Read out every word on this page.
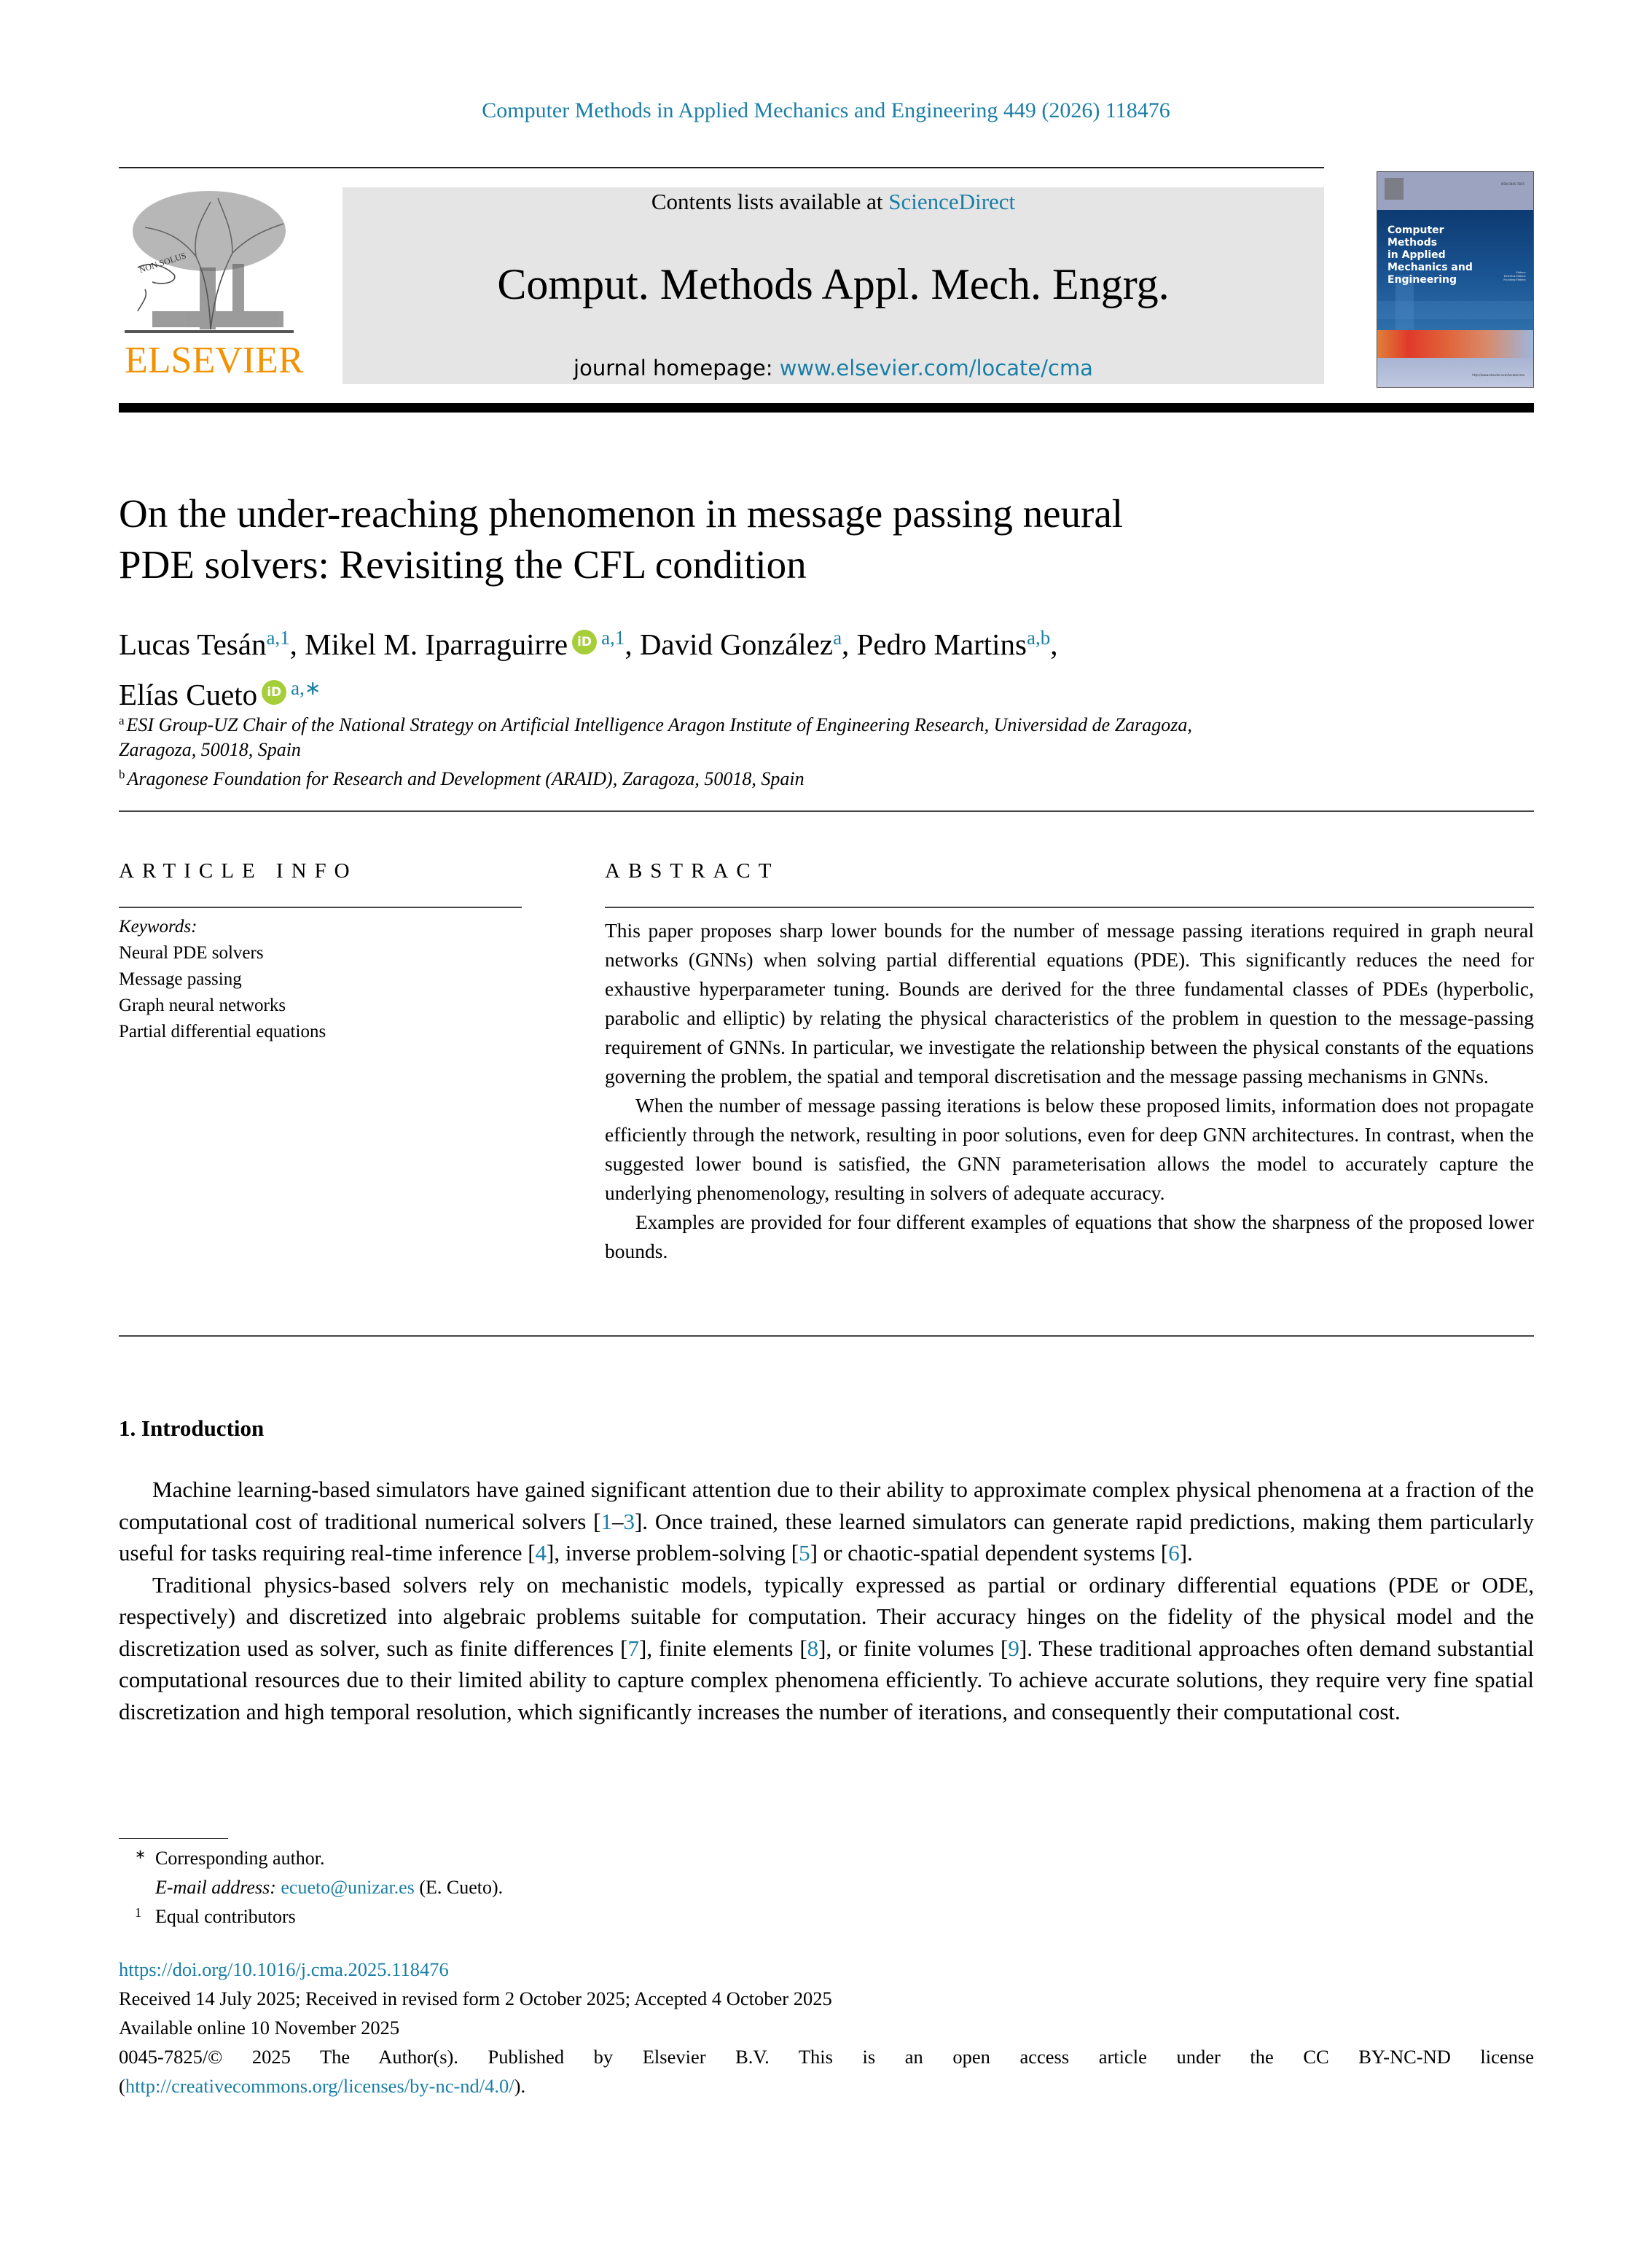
Computer Methods in Applied Mechanics and Engineering 449 (2026) 118476
NON SOLUS
ELSEVIER
Contents lists available at ScienceDirect
Comput. Methods Appl. Mech. Engrg.
journal homepage: www.elsevier.com/locate/cma
ISSN 0045-7825
Computer
Methods
in Applied
Mechanics and
Engineering
Editors:
Emeritus Editors:
Founding Editors:
http://www.elsevier.com/locate/cma
On the under-reaching phenomenon in message passing neural
PDE solvers: Revisiting the CFL condition
Lucas Tesán$^{a,1}$, Mikel M. Iparraguirre iD $^{a,1}$, David González$^a$, Pedro Martins$^{a,b}$,
Elías Cueto iD $^{a,∗}$
$^a$ ESI Group-UZ Chair of the National Strategy on Artificial Intelligence Aragon Institute of Engineering Research, Universidad de Zaragoza,
Zaragoza, 50018, Spain
$^b$ Aragonese Foundation for Research and Development (ARAID), Zaragoza, 50018, Spain
ARTICLE INFO
Keywords:
Neural PDE solvers
Message passing
Graph neural networks
Partial differential equations
ABSTRACT

This paper proposes sharp lower bounds for the number of message passing iterations required in graph neural networks (GNNs) when solving partial differential equations (PDE). This significantly reduces the need for exhaustive hyperparameter tuning. Bounds are derived for the three fundamental classes of PDEs (hyperbolic, parabolic and elliptic) by relating the physical characteristics of the problem in question to the message-passing requirement of GNNs. In particular, we investigate the relationship between the physical constants of the equations governing the problem, the spatial and temporal discretisation and the message passing mechanisms in GNNs.

When the number of message passing iterations is below these proposed limits, information does not propagate efficiently through the network, resulting in poor solutions, even for deep GNN architectures. In contrast, when the suggested lower bound is satisfied, the GNN parameterisation allows the model to accurately capture the underlying phenomenology, resulting in solvers of adequate accuracy.

Examples are provided for four different examples of equations that show the sharpness of the proposed lower bounds.

1. Introduction

Machine learning-based simulators have gained significant attention due to their ability to approximate complex physical phenomena at a fraction of the computational cost of traditional numerical solvers [1–3]. Once trained, these learned simulators can generate rapid predictions, making them particularly useful for tasks requiring real-time inference [4], inverse problem-solving [5] or chaotic-spatial dependent systems [6].

Traditional physics-based solvers rely on mechanistic models, typically expressed as partial or ordinary differential equations (PDE or ODE, respectively) and discretized into algebraic problems suitable for computation. Their accuracy hinges on the fidelity of the physical model and the discretization used as solver, such as finite differences [7], finite elements [8], or finite volumes [9]. These traditional approaches often demand substantial computational resources due to their limited ability to capture complex phenomena efficiently. To achieve accurate solutions, they require very fine spatial discretization and high temporal resolution, which significantly increases the number of iterations, and consequently their computational cost.

∗ Corresponding author.
E-mail address: ecueto@unizar.es (E. Cueto).
1 Equal contributors
https://doi.org/10.1016/j.cma.2025.118476
Received 14 July 2025; Received in revised form 2 October 2025; Accepted 4 October 2025
Available online 10 November 2025
0045-7825/© 2025 The Author(s). Published by Elsevier B.V. This is an open access article under the CC BY-NC-ND license
(http://creativecommons.org/licenses/by-nc-nd/4.0/).
